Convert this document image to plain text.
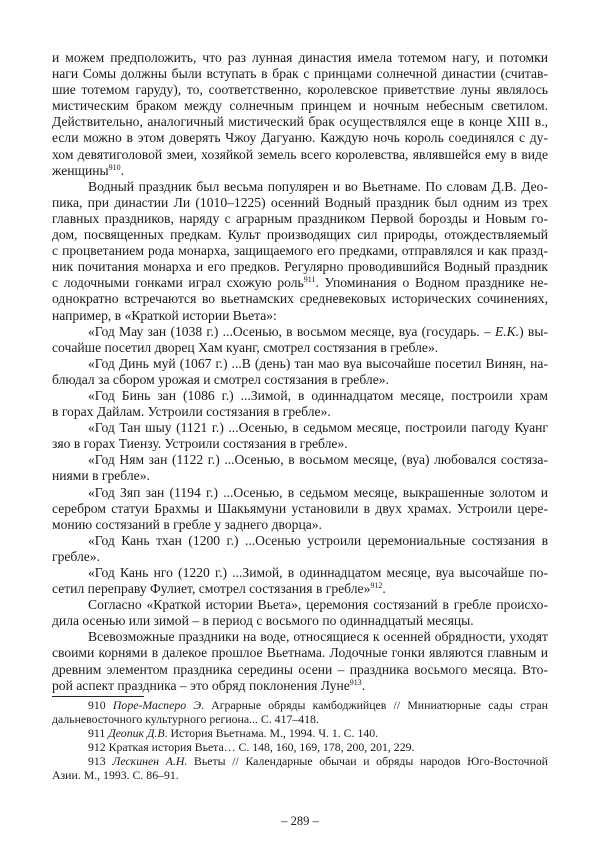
и можем предположить, что раз лунная династия имела тотемом нагу, и потомки
наги Сомы должны были вступать в брак с принцами солнечной династии (считав-
шие тотемом гаруду), то, соответственно, королевское приветствие луны являлось
мистическим браком между солнечным принцем и ночным небесным светилом.
Действительно, аналогичный мистический брак осуществлялся еще в конце XIII в.,
если можно в этом доверять Чжоу Дагуаню. Каждую ночь король соединялся с ду-
хом девятиголовой змеи, хозяйкой земель всего королевства, являвшейся ему в виде
женщины$^{910}$.
Водный праздник был весьма популярен и во Вьетнаме. По словам Д.В. Део-
пика, при династии Ли (1010–1225) осенний Водный праздник был одним из трех
главных праздников, наряду с аграрным праздником Первой борозды и Новым го-
дом, посвященных предкам. Культ производящих сил природы, отождествляемый
с процветанием рода монарха, защищаемого его предками, отправлялся и как празд-
ник почитания монарха и его предков. Регулярно проводившийся Водный праздник
с лодочными гонками играл схожую роль$^{911}$. Упоминания о Водном празднике не-
однократно встречаются во вьетнамских средневековых исторических сочинениях,
например, в «Краткой истории Вьета»:
«Год Мау зан (1038 г.) ...Осенью, в восьмом месяце, вуа (государь. – Е.К.) вы-
сочайше посетил дворец Хам куанг, смотрел состязания в гребле».
«Год Динь муй (1067 г.) ...В (день) тан мао вуа высочайше посетил Винян, на-
блюдал за сбором урожая и смотрел состязания в гребле».
«Год Бинь зан (1086 г.) ...Зимой, в одиннадцатом месяце, построили храм
в горах Дайлам. Устроили состязания в гребле».
«Год Тан шыу (1121 г.) ...Осенью, в седьмом месяце, построили пагоду Куанг
зяо в горах Тиензу. Устроили состязания в гребле».
«Год Ням зан (1122 г.) ...Осенью, в восьмом месяце, (вуа) любовался состяза-
ниями в гребле».
«Год Зяп зан (1194 г.) ...Осенью, в седьмом месяце, выкрашенные золотом и
серебром статуи Брахмы и Шакьямуни установили в двух храмах. Устроили цере-
монию состязаний в гребле у заднего дворца».
«Год Кань тхан (1200 г.) ...Осенью устроили церемониальные состязания в
гребле».
«Год Кань нго (1220 г.) ...Зимой, в одиннадцатом месяце, вуа высочайше по-
сетил переправу Фулиет, смотрел состязания в гребле»$^{912}$.
Согласно «Краткой истории Вьета», церемония состязаний в гребле происхо-
дила осенью или зимой – в период с восьмого по одиннадцатый месяцы.
Всевозможные праздники на воде, относящиеся к осенней обрядности, уходят
своими корнями в далекое прошлое Вьетнама. Лодочные гонки являются главным и
древним элементом праздника середины осени – праздника восьмого месяца. Вто-
рой аспект праздника – это обряд поклонения Луне$^{913}$.
910 Поре-Масперо Э. Аграрные обряды камбоджийцев // Миниатюрные сады стран
дальневосточного культурного региона... С. 417–418.
911 Деопик Д.В. История Вьетнама. М., 1994. Ч. 1. С. 140.
912 Краткая история Вьета… С. 148, 160, 169, 178, 200, 201, 229.
913 Лескинен А.Н. Вьеты // Календарные обычаи и обряды народов Юго-Восточной
Азии. М., 1993. С. 86–91.
– 289 –
